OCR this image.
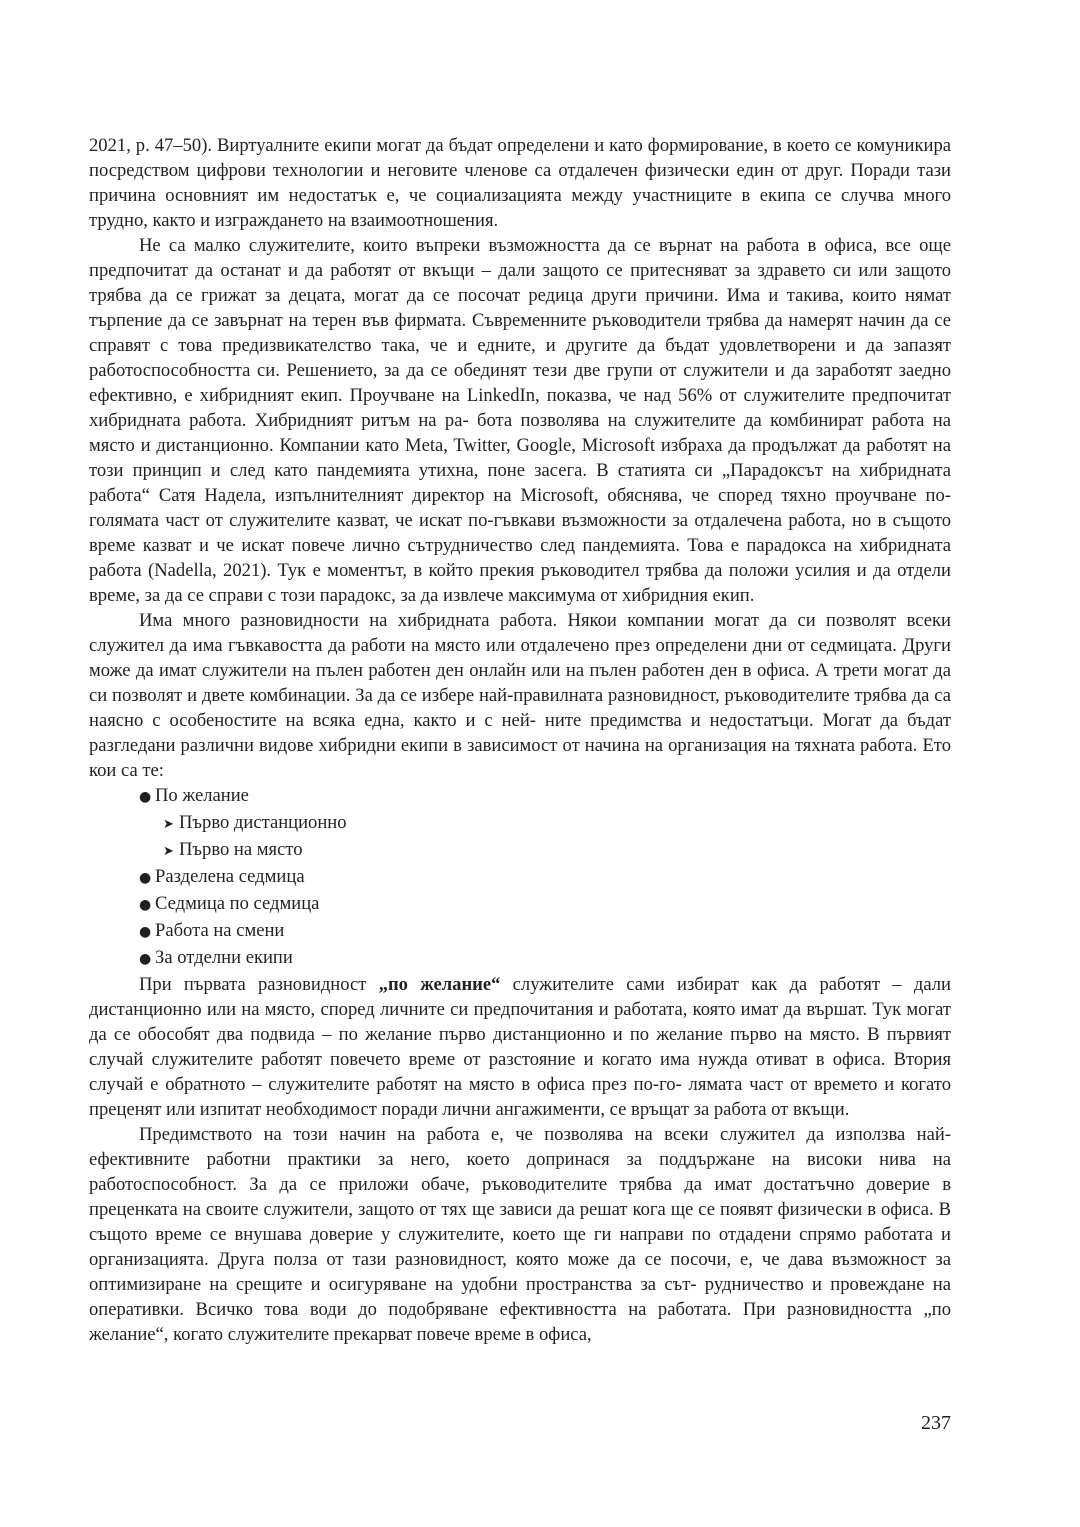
2021, p. 47–50). Виртуалните екипи могат да бъдат определени и като формирование, в което се комуникира посредством цифрови технологии и неговите членове са отдалечен физически един от друг. Поради тази причина основният им недостатък е, че социализацията между участниците в екипа се случва много трудно, както и изграждането на взаимоотношения.

Не са малко служителите, които въпреки възможността да се върнат на работа в офиса, все още предпочитат да останат и да работят от вкъщи – дали защото се притесняват за здравето си или защото трябва да се грижат за децата, могат да се посочат редица други причини. Има и такива, които нямат търпение да се завърнат на терен във фирмата. Съвременните ръководители трябва да намерят начин да се справят с това предизвикателство така, че и едните, и другите да бъдат удовлетворени и да запазят работоспособността си. Решението, за да се обединят тези две групи от служители и да заработят заедно ефективно, е хибридният екип. Проучване на LinkedIn, показва, че над 56% от служителите предпочитат хибридната работа. Хибридният ритъм на ра- бота позволява на служителите да комбинират работа на място и дистанционно. Компании като Meta, Twitter, Google, Microsoft избраха да продължат да работят на този принцип и след като пандемията утихна, поне засега. В статията си „Парадоксът на хибридната работа“ Сатя Надела, изпълнителният директор на Microsoft, обяснява, че според тяхно проучване по-голямата част от служителите казват, че искат по-гъвкави възможности за отдалечена работа, но в същото време казват и че искат повече лично сътрудничество след пандемията. Това е парадокса на хибридната работа (Nadella, 2021). Тук е моментът, в който прекия ръководител трябва да положи усилия и да отдели време, за да се справи с този парадокс, за да извлече максимума от хибридния екип.

Има много разновидности на хибридната работа. Някои компании могат да си позволят всеки служител да има гъвкавостта да работи на място или отдалечено през определени дни от седмицата. Други може да имат служители на пълен работен ден онлайн или на пълен работен ден в офиса. А трети могат да си позволят и двете комбинации. За да се избере най-правилната разновидност, ръководителите трябва да са наясно с особеностите на всяка една, както и с ней- ните предимства и недостатъци. Могат да бъдат разгледани различни видове хибридни екипи в зависимост от начина на организация на тяхната работа. Ето кои са те:

● По желание
➤ Първо дистанционно
➤ Първо на място
● Разделена седмица
● Седмица по седмица
● Работа на смени
● За отделни екипи

При първата разновидност „по желание“ служителите сами избират как да работят – дали дистанционно или на място, според личните си предпочитания и работата, която имат да вършат. Тук могат да се обособят два подвида – по желание първо дистанционно и по желание първо на място. В първият случай служителите работят повечето време от разстояние и когато има нужда отиват в офиса. Втория случай е обратното – служителите работят на място в офиса през по-го- лямата част от времето и когато преценят или изпитат необходимост поради лични ангажименти, се връщат за работа от вкъщи.

Предимството на този начин на работа е, че позволява на всеки служител да използва най-ефективните работни практики за него, което допринася за поддържане на високи нива на работоспособност. За да се приложи обаче, ръководителите трябва да имат достатъчно доверие в преценката на своите служители, защото от тях ще зависи да решат кога ще се появят физически в офиса. В същото време се внушава доверие у служителите, което ще ги направи по отдадени спрямо работата и организацията. Друга полза от тази разновидност, която може да се посочи, е, че дава възможност за оптимизиране на срещите и осигуряване на удобни пространства за сът- рудничество и провеждане на оперативки. Всичко това води до подобряване ефективността на работата. При разновидността „по желание“, когато служителите прекарват повече време в офиса,

237
